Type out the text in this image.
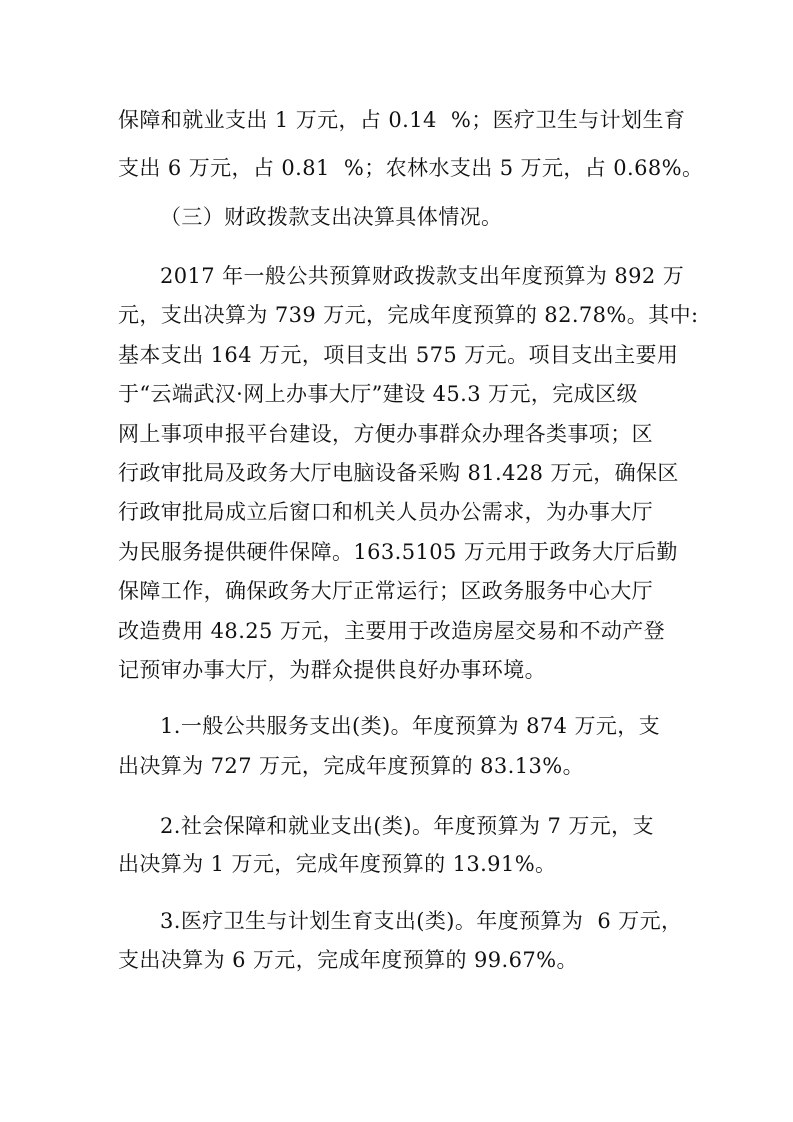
保障和就业支出 1 万元，占 0.14  %；医疗卫生与计划生育
支出 6 万元，占 0.81  %；农林水支出 5 万元，占 0.68%。
（三）财政拨款支出决算具体情况。
2017 年一般公共预算财政拨款支出年度预算为 892 万
元，支出决算为 739 万元，完成年度预算的 82.78%。其中:
基本支出 164 万元，项目支出 575 万元。项目支出主要用
于“云端武汉·网上办事大厅”建设 45.3 万元，完成区级
网上事项申报平台建设，方便办事群众办理各类事项；区
行政审批局及政务大厅电脑设备采购 81.428 万元，确保区
行政审批局成立后窗口和机关人员办公需求，为办事大厅
为民服务提供硬件保障。163.5105 万元用于政务大厅后勤
保障工作，确保政务大厅正常运行；区政务服务中心大厅
改造费用 48.25 万元，主要用于改造房屋交易和不动产登
记预审办事大厅，为群众提供良好办事环境。
1.一般公共服务支出(类)。年度预算为 874 万元，支
出决算为 727 万元，完成年度预算的 83.13%。
2.社会保障和就业支出(类)。年度预算为 7 万元，支
出决算为 1 万元，完成年度预算的 13.91%。
3.医疗卫生与计划生育支出(类)。年度预算为  6 万元，
支出决算为 6 万元，完成年度预算的 99.67%。
